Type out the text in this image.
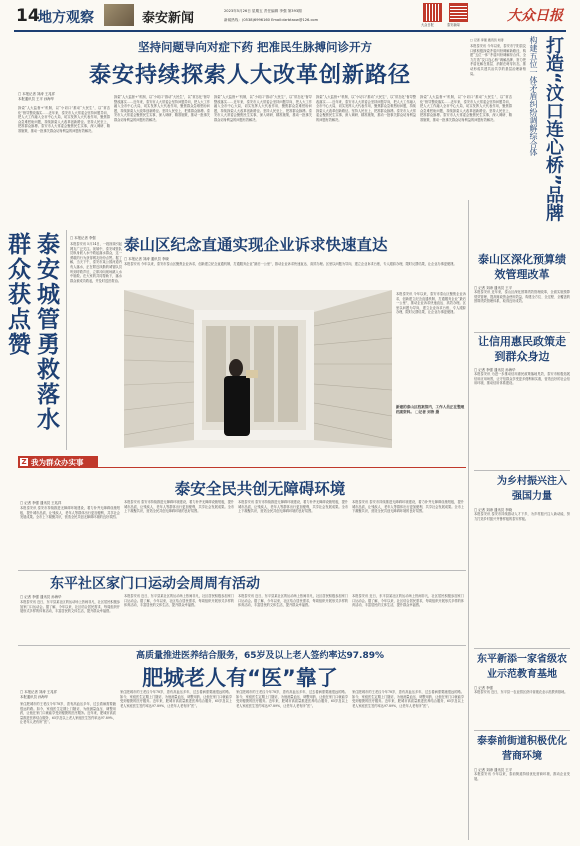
14
地方观察	泰安新闻	2023年5月26日 星期五 责任编辑 李强 第393期
新闻热线：(0538)6996160 Email:dzrbtaxw@126.com
大众日报	泰安新闻
大众日报
坚持问题导向对症下药 把准民生脉搏问诊开方
泰安持续探索人大改革创新路径
□ 本报记者 刘涛 王兆祥
本报通讯员 王平 孙海华
探索“人大监督+”机制，以“小切口”推动“大民生”，以“常态化”督导整改落实……近年来，泰安市人大常委会坚持问题导向，把人大工作融入全市中心大局，切实发挥人大代表作用，聚焦群众急难愁盼问题，持续探索人大改革创新路径。坚持人民至上，把准群众脉搏。泰安市人大常委会聚焦民生实事，深入调研、精准施策，推动一批事关群众切身利益的问题有效解决。
探索“人大监督+”机制，以“小切口”推动“大民生”，以“常态化”督导整改落实……近年来，泰安市人大常委会坚持问题导向，把人大工作融入全市中心大局，切实发挥人大代表作用，聚焦群众急难愁盼问题，持续探索人大改革创新路径。坚持人民至上，把准群众脉搏。泰安市人大常委会聚焦民生实事，深入调研、精准施策，推动一批事关群众切身利益的问题有效解决。
探索“人大监督+”机制，以“小切口”推动“大民生”，以“常态化”督导整改落实……近年来，泰安市人大常委会坚持问题导向，把人大工作融入全市中心大局，切实发挥人大代表作用，聚焦群众急难愁盼问题，持续探索人大改革创新路径。坚持人民至上，把准群众脉搏。泰安市人大常委会聚焦民生实事，深入调研、精准施策，推动一批事关群众切身利益的问题有效解决。
探索“人大监督+”机制，以“小切口”推动“大民生”，以“常态化”督导整改落实……近年来，泰安市人大常委会坚持问题导向，把人大工作融入全市中心大局，切实发挥人大代表作用，聚焦群众急难愁盼问题，持续探索人大改革创新路径。坚持人民至上，把准群众脉搏。泰安市人大常委会聚焦民生实事，深入调研、精准施策，推动一批事关群众切身利益的问题有效解决。
探索“人大监督+”机制，以“小切口”推动“大民生”，以“常态化”督导整改落实……近年来，泰安市人大常委会坚持问题导向，把人大工作融入全市中心大局，切实发挥人大代表作用，聚焦群众急难愁盼问题，持续探索人大改革创新路径。坚持人民至上，把准群众脉搏。泰安市人大常委会聚焦民生实事，深入调研、精准施策，推动一批事关群众切身利益的问题有效解决。	打造“汶口连心桥”品牌
构建五位一体矛盾纠纷调解综合体
□ 记者 李强 通讯员 刘涛
本报泰安讯 今年以来，泰安市宁阳县汶口镇积极探索矛盾纠纷调解新路径，构建“五位一体”矛盾纠纷调解综合体，全力打造“汶口连心桥”调解品牌，努力把矛盾化解在基层、消除在萌芽状态，推动形成共建共治共享的基层治理新格局。
泰安城管勇救落水群众获点赞	□ 本报记者 李强
本报泰安讯 5月14日，一段视频引起网友广泛关注。视频中，泰安城管队员纵身跃入水中救起落水群众，这一勇敢的行为获得网友纷纷点赞。据了解，当天下午，泰安市某公园河道内有人落水，正在附近执勤的城管队员听到呼救声后，立即冲向现场跳入水中施救。在大家的共同帮助下，落水群众被成功救起，并及时送医救治。
泰山区纪念直通实现企业诉求快速直达
□ 本报记者 刘涛 通讯员 李晓
本报泰安讯 今年以来，泰安市泰山区聚焦企业诉求，创新建立纪念直通机制，打通服务企业“最后一公里”，推动企业诉求快速直达、高效办理。区里以问题为导向，建立企业诉求台账，专人跟踪办理，限时反馈结果，让企业办事更便捷。
新建的泰山区档案馆内，工作人员正在整理档案资料。 □记者 刘涛 摄
本报泰安讯 今年以来，泰安市泰山区聚焦企业诉求，创新建立纪念直通机制，打通服务企业“最后一公里”，推动企业诉求快速直达、高效办理。区里以问题为导向，建立企业诉求台账，专人跟踪办理，限时反馈结果，让企业办事更便捷。
泰山区深化预算绩效管理改革
□ 记者 刘涛 通讯员 王平
本报泰安讯 近年来，泰山区深化预算绩效管理改革，全面实施预算绩效管理，提高财政资金使用效益，构建全方位、全过程、全覆盖的预算绩效管理体系，取得良好成效。
让信用惠民政策走到群众身边
□ 记者 李强 通讯员 孙海华
本报泰安讯 为进一步推动信用惠民政策落地见效，泰安市积极拓展信用应用场景，让守信群众享受更多便利和实惠，营造良好的社会信用环境，推动信用体系建设。
为乡村振兴注入强国力量
□ 记者 刘涛 通讯员 李晓
本报泰安讯 泰安市持续推动人才下乡，为乡村振兴注入新动能，努力打造乡村振兴齐鲁样板的泰安样板。
东平新添一家省级农业示范教育基地
□ 记者 李强
本报泰安讯 近日，东平县一农业园区获评省级农业示范教育基地。
泰泰前街道积极优化营商环境
□ 记者 刘涛 通讯员 王平
本报泰安讯 今年以来，泰前街道持续优化营商环境，推动企业发展。
Z 我为群众办实事
泰安全民共创无障碍环境
□ 记者 李强 通讯员 王兆祥
本报泰安讯 泰安市持续推进无障碍环境建设，着力补齐无障碍设施短板，提升城市品质，让残疾人、老年人等群体出行更加便利，共享社会发展成果。全市上下凝聚共识，营造全民共创无障碍环境的良好氛围。
本报泰安讯 泰安市持续推进无障碍环境建设，着力补齐无障碍设施短板，提升城市品质，让残疾人、老年人等群体出行更加便利，共享社会发展成果。全市上下凝聚共识，营造全民共创无障碍环境的良好氛围。
本报泰安讯 泰安市持续推进无障碍环境建设，着力补齐无障碍设施短板，提升城市品质，让残疾人、老年人等群体出行更加便利，共享社会发展成果。全市上下凝聚共识，营造全民共创无障碍环境的良好氛围。
本报泰安讯 泰安市持续推进无障碍环境建设，着力补齐无障碍设施短板，提升城市品质，让残疾人、老年人等群体出行更加便利，共享社会发展成果。全市上下凝聚共识，营造全民共创无障碍环境的良好氛围。
东平社区家门口运动会周周有活动
□ 记者 李强 通讯员 孙海华
本报泰安讯 近日，东平县某社区的运动场上热闹非凡，社区居民积极参加家门口运动会。据了解，今年以来，社区结合居民需求，每周组织开展形式多样的体育活动，丰富居民的文体生活，提升群众幸福感。
本报泰安讯 近日，东平县某社区的运动场上热闹非凡，社区居民积极参加家门口运动会。据了解，今年以来，社区结合居民需求，每周组织开展形式多样的体育活动，丰富居民的文体生活，提升群众幸福感。
本报泰安讯 近日，东平县某社区的运动场上热闹非凡，社区居民积极参加家门口运动会。据了解，今年以来，社区结合居民需求，每周组织开展形式多样的体育活动，丰富居民的文体生活，提升群众幸福感。
本报泰安讯 近日，东平县某社区的运动场上热闹非凡，社区居民积极参加家门口运动会。据了解，今年以来，社区结合居民需求，每周组织开展形式多样的体育活动，丰富居民的文体生活，提升群众幸福感。
高质量推进医养结合服务，65岁及以上老人签约率达97.89%
肥城老人有“医”靠了
□ 本报记者 刘涛 王兆祥
本报通讯员 孙海华
家住肥城市的王老汉今年78岁，患有高血压多年，过去看病需要跑很远的路。如今，家庭医生定期上门随访，为他测量血压、调整用药，让他在家门口就能享受到便捷的医疗服务。近年来，肥城市高质量推进医养结合服务，65岁及以上老人家庭医生签约率达97.89%，让老年人老有所“医”。
家住肥城市的王老汉今年78岁，患有高血压多年，过去看病需要跑很远的路。如今，家庭医生定期上门随访，为他测量血压、调整用药，让他在家门口就能享受到便捷的医疗服务。近年来，肥城市高质量推进医养结合服务，65岁及以上老人家庭医生签约率达97.89%，让老年人老有所“医”。
家住肥城市的王老汉今年78岁，患有高血压多年，过去看病需要跑很远的路。如今，家庭医生定期上门随访，为他测量血压、调整用药，让他在家门口就能享受到便捷的医疗服务。近年来，肥城市高质量推进医养结合服务，65岁及以上老人家庭医生签约率达97.89%，让老年人老有所“医”。
家住肥城市的王老汉今年78岁，患有高血压多年，过去看病需要跑很远的路。如今，家庭医生定期上门随访，为他测量血压、调整用药，让他在家门口就能享受到便捷的医疗服务。近年来，肥城市高质量推进医养结合服务，65岁及以上老人家庭医生签约率达97.89%，让老年人老有所“医”。
